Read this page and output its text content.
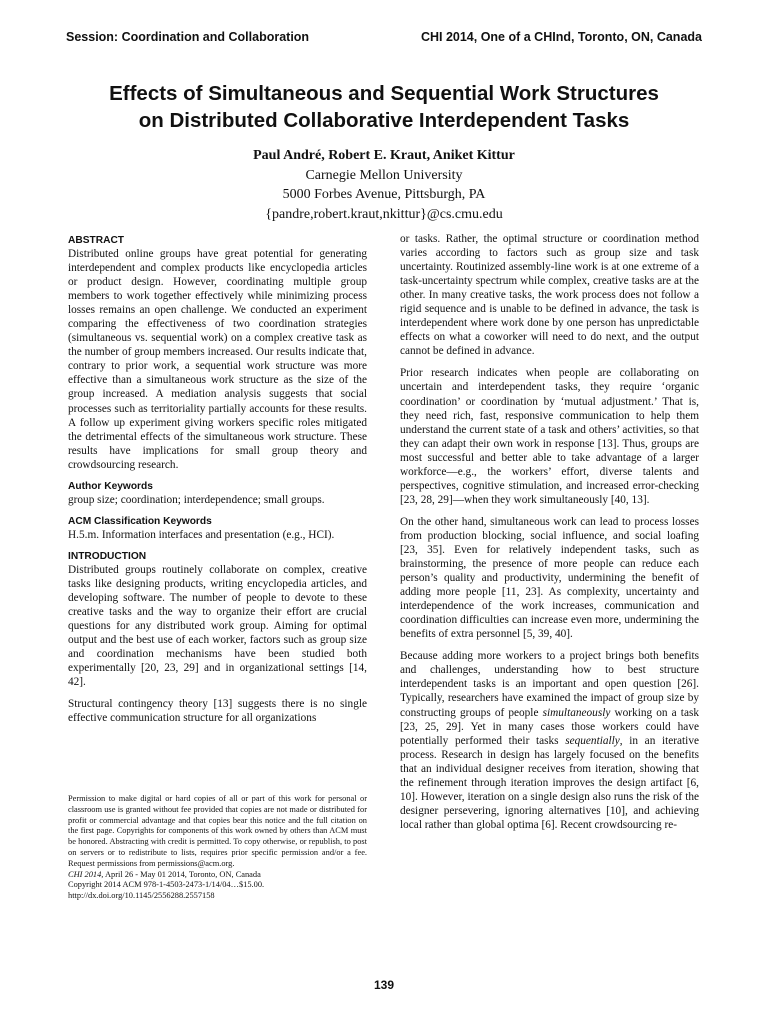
Session: Coordination and Collaboration	CHI 2014, One of a CHInd, Toronto, ON, Canada
Effects of Simultaneous and Sequential Work Structures
on Distributed Collaborative Interdependent Tasks
Paul André, Robert E. Kraut, Aniket Kittur
Carnegie Mellon University
5000 Forbes Avenue, Pittsburgh, PA
{pandre,robert.kraut,nkittur}@cs.cmu.edu
ABSTRACT

Distributed online groups have great potential for generating interdependent and complex products like encyclopedia articles or product design. However, coordinating multiple group members to work together effectively while minimizing process losses remains an open challenge. We conducted an experiment comparing the effectiveness of two coordination strategies (simultaneous vs. sequential work) on a complex creative task as the number of group members increased. Our results indicate that, contrary to prior work, a sequential work structure was more effective than a simultaneous work structure as the size of the group increased. A mediation analysis suggests that social processes such as territoriality partially accounts for these results. A follow up experiment giving workers specific roles mitigated the detrimental effects of the simultaneous work structure. These results have implications for small group theory and crowdsourcing research.

Author Keywords

group size; coordination; interdependence; small groups.

ACM Classification Keywords

H.5.m. Information interfaces and presentation (e.g., HCI).

INTRODUCTION

Distributed groups routinely collaborate on complex, creative tasks like designing products, writing encyclopedia articles, and developing software. The number of people to devote to these creative tasks and the way to organize their effort are crucial questions for any distributed work group. Aiming for optimal output and the best use of each worker, factors such as group size and coordination mechanisms have been studied both experimentally [20, 23, 29] and in organizational settings [14, 42].

Structural contingency theory [13] suggests there is no single effective communication structure for all organizations

Permission to make digital or hard copies of all or part of this work for personal or classroom use is granted without fee provided that copies are not made or distributed for profit or commercial advantage and that copies bear this notice and the full citation on the first page. Copyrights for components of this work owned by others than ACM must be honored. Abstracting with credit is permitted. To copy otherwise, or republish, to post on servers or to redistribute to lists, requires prior specific permission and/or a fee. Request permissions from permissions@acm.org.
CHI 2014, April 26 - May 01 2014, Toronto, ON, Canada
Copyright 2014 ACM 978-1-4503-2473-1/14/04…$15.00.
http://dx.doi.org/10.1145/2556288.2557158

or tasks. Rather, the optimal structure or coordination method varies according to factors such as group size and task uncertainty. Routinized assembly-line work is at one extreme of a task-uncertainty spectrum while complex, creative tasks are at the other. In many creative tasks, the work process does not follow a rigid sequence and is unable to be defined in advance, the task is interdependent where work done by one person has unpredictable effects on what a coworker will need to do next, and the output cannot be defined in advance.

Prior research indicates when people are collaborating on uncertain and interdependent tasks, they require ‘organic coordination’ or coordination by ‘mutual adjustment.’ That is, they need rich, fast, responsive communication to help them understand the current state of a task and others’ activities, so that they can adapt their own work in response [13]. Thus, groups are most successful and better able to take advantage of a larger workforce—e.g., the workers’ effort, diverse talents and perspectives, cognitive stimulation, and increased error-checking [23, 28, 29]—when they work simultaneously [40, 13].

On the other hand, simultaneous work can lead to process losses from production blocking, social influence, and social loafing [23, 35]. Even for relatively independent tasks, such as brainstorming, the presence of more people can reduce each person’s quality and productivity, undermining the benefit of adding more people [11, 23]. As complexity, uncertainty and interdependence of the work increases, communication and coordination difficulties can increase even more, undermining the benefits of extra personnel [5, 39, 40].

Because adding more workers to a project brings both benefits and challenges, understanding how to best structure interdependent tasks is an important and open question [26]. Typically, researchers have examined the impact of group size by constructing groups of people simultaneously working on a task [23, 25, 29]. Yet in many cases those workers could have potentially performed their tasks sequentially, in an iterative process. Research in design has largely focused on the benefits that an individual designer receives from iteration, showing that the refinement through iteration improves the design artifact [6, 10]. However, iteration on a single design also runs the risk of the designer persevering, ignoring alternatives [10], and achieving local rather than global optima [6]. Recent crowdsourcing re-

139
